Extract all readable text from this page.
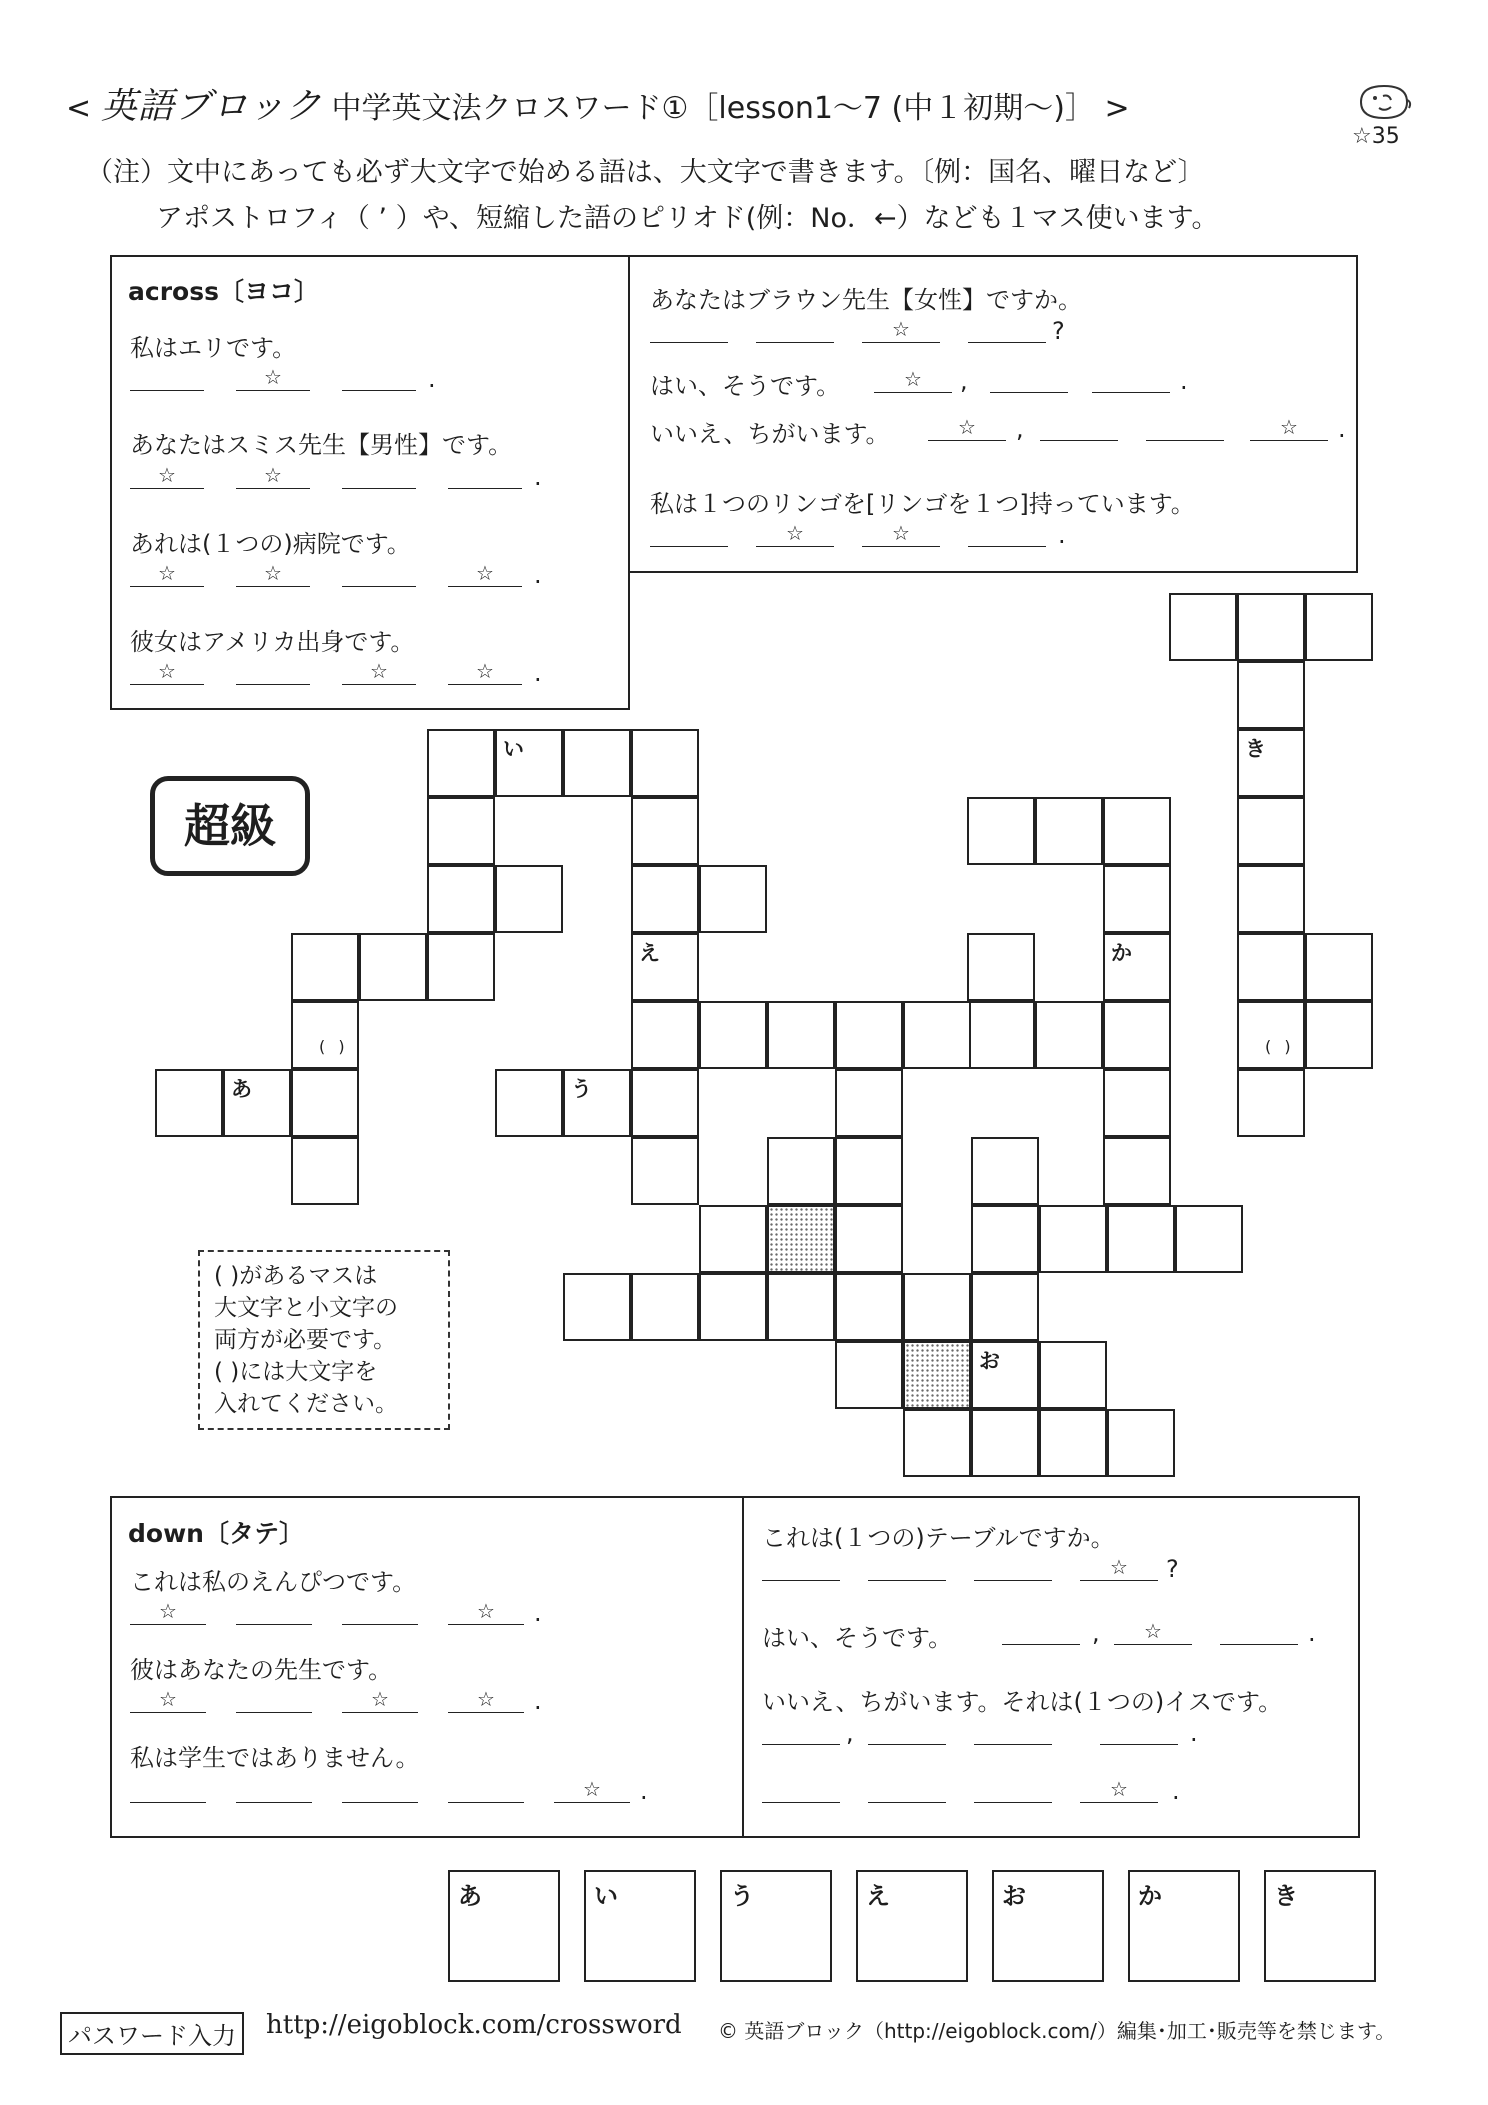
< 英語ブロック 中学英文法クロスワード①［lesson1～7 (中１初期～)］ >
☆35
（注）文中にあっても必ず大文字で始める語は、大文字で書きます。〔例：国名、曜日など〕
アポストロフィ（ ’ ）や、短縮した語のピリオド(例：No．←）なども１マス使います。
across〔ヨコ〕
私はエリです。
☆	.
あなたはスミス先生【男性】です。
☆	☆	.
あれは(１つの)病院です。
☆	☆	☆	.
彼女はアメリカ出身です。
☆	☆	☆	.
あなたはブラウン先生【女性】ですか。
☆	?
はい、そうです。	☆	,	.
いいえ、ちがいます。	☆	,	☆	.
私は１つのリンゴを[リンゴを１つ]持っています。
☆	☆	.
超級
( )があるマスは
大文字と小文字の
両方が必要です。
( )には大文字を
入れてください。
き
( )
か
い
え
( )
あ	う
お
down〔タテ〕
これは私のえんぴつです。
☆	☆	.
彼はあなたの先生です。
☆	☆	☆	.
私は学生ではありません。
☆	.
これは(１つの)テーブルですか。
☆	?
はい、そうです。	,	☆	.
いいえ、ちがいます。それは(１つの)イスです。
,	.
☆	.
あ	い	う	え	お	か	き
パスワード入力	http://eigoblock.com/crossword © 英語ブロック（http://eigoblock.com/）編集･加工･販売等を禁じます。
